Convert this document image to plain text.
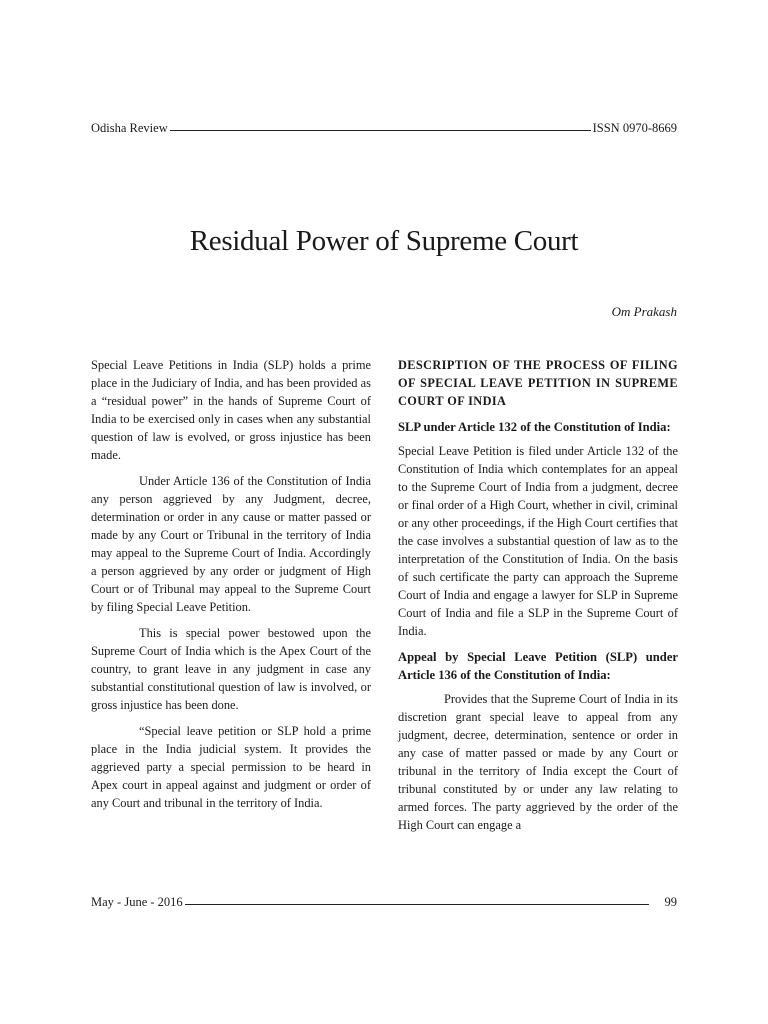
Odisha Review	ISSN 0970-8669
Residual Power of Supreme Court

Om Prakash

Special Leave Petitions in India (SLP) holds a prime place in the Judiciary of India, and has been provided as a “residual power” in the hands of Supreme Court of India to be exercised only in cases when any substantial question of law is evolved, or gross injustice has been made.

Under Article 136 of the Constitution of India any person aggrieved by any Judgment, decree, determination or order in any cause or matter passed or made by any Court or Tribunal in the territory of India may appeal to the Supreme Court of India. Accordingly a person aggrieved by any order or judgment of High Court or of Tribunal may appeal to the Supreme Court by filing Special Leave Petition.

This is special power bestowed upon the Supreme Court of India which is the Apex Court of the country, to grant leave in any judgment in case any substantial constitutional question of law is involved, or gross injustice has been done.

“Special leave petition or SLP hold a prime place in the India judicial system. It provides the aggrieved party a special permission to be heard in Apex court in appeal against and judgment or order of any Court and tribunal in the territory of India.

DESCRIPTION OF THE PROCESS OF FILING OF SPECIAL LEAVE PETITION IN SUPREME COURT OF INDIA
SLP under Article 132 of the Constitution of India:

Special Leave Petition is filed under Article 132 of the Constitution of India which contemplates for an appeal to the Supreme Court of India from a judgment, decree or final order of a High Court, whether in civil, criminal or any other proceedings, if the High Court certifies that the case involves a substantial question of law as to the interpretation of the Constitution of India. On the basis of such certificate the party can approach the Supreme Court of India and engage a lawyer for SLP in Supreme Court of India and file a SLP in the Supreme Court of India.

Appeal by Special Leave Petition (SLP) under Article 136 of the Constitution of India:

Provides that the Supreme Court of India in its discretion grant special leave to appeal from any judgment, decree, determination, sentence or order in any case of matter passed or made by any Court or tribunal in the territory of India except the Court of tribunal constituted by or under any law relating to armed forces. The party aggrieved by the order of the High Court can engage a

May - June - 2016	99
